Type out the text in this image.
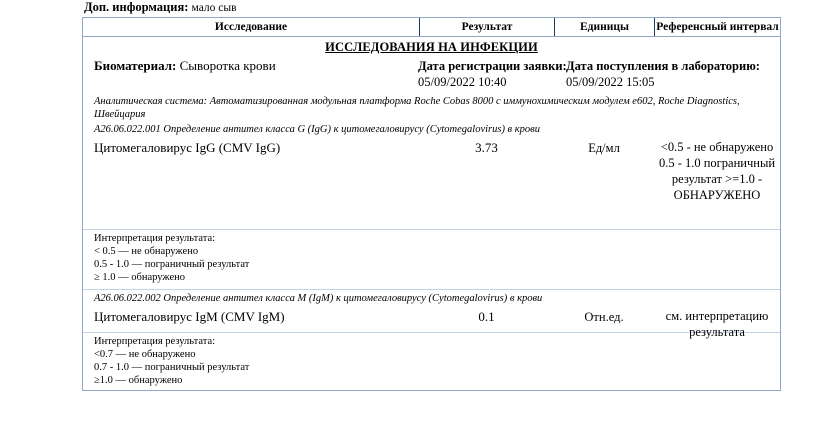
Доп. информация: мало сыв
Исследование	Результат	Единицы	Референсный интервал
ИССЛЕДОВАНИЯ НА ИНФЕКЦИИ
Биоматериал: Сыворотка крови	Дата регистрации заявки:
05/09/2022 10:40
Дата поступления в лабораторию:
05/09/2022 15:05
Аналитическая система: Автоматизированная модульная платформа Roche Cobas 8000 с иммунохимическим модулем e602, Roche Diagnostics, Швейцария
A26.06.022.001 Определение антител класса G (IgG) к цитомегаловирусу (Cytomegalovirus) в крови
Цитомегаловирус IgG (CMV IgG)	3.73	Ед/мл	<0.5 - не обнаружено 0.5 - 1.0 пограничный результат >=1.0 - ОБНАРУЖЕНО
Интерпретация результата:
< 0.5 — не обнаружено
0.5 - 1.0 — пограничный результат
≥ 1.0 — обнаружено
A26.06.022.002 Определение антител класса M (IgM) к цитомегаловирусу (Cytomegalovirus) в крови
Цитомегаловирус IgM (CMV IgM)	0.1	Отн.ед.	см. интерпретацию результата
Интерпретация результата:
<0.7 — не обнаружено
0.7 - 1.0 — пограничный результат
≥1.0 — обнаружено
